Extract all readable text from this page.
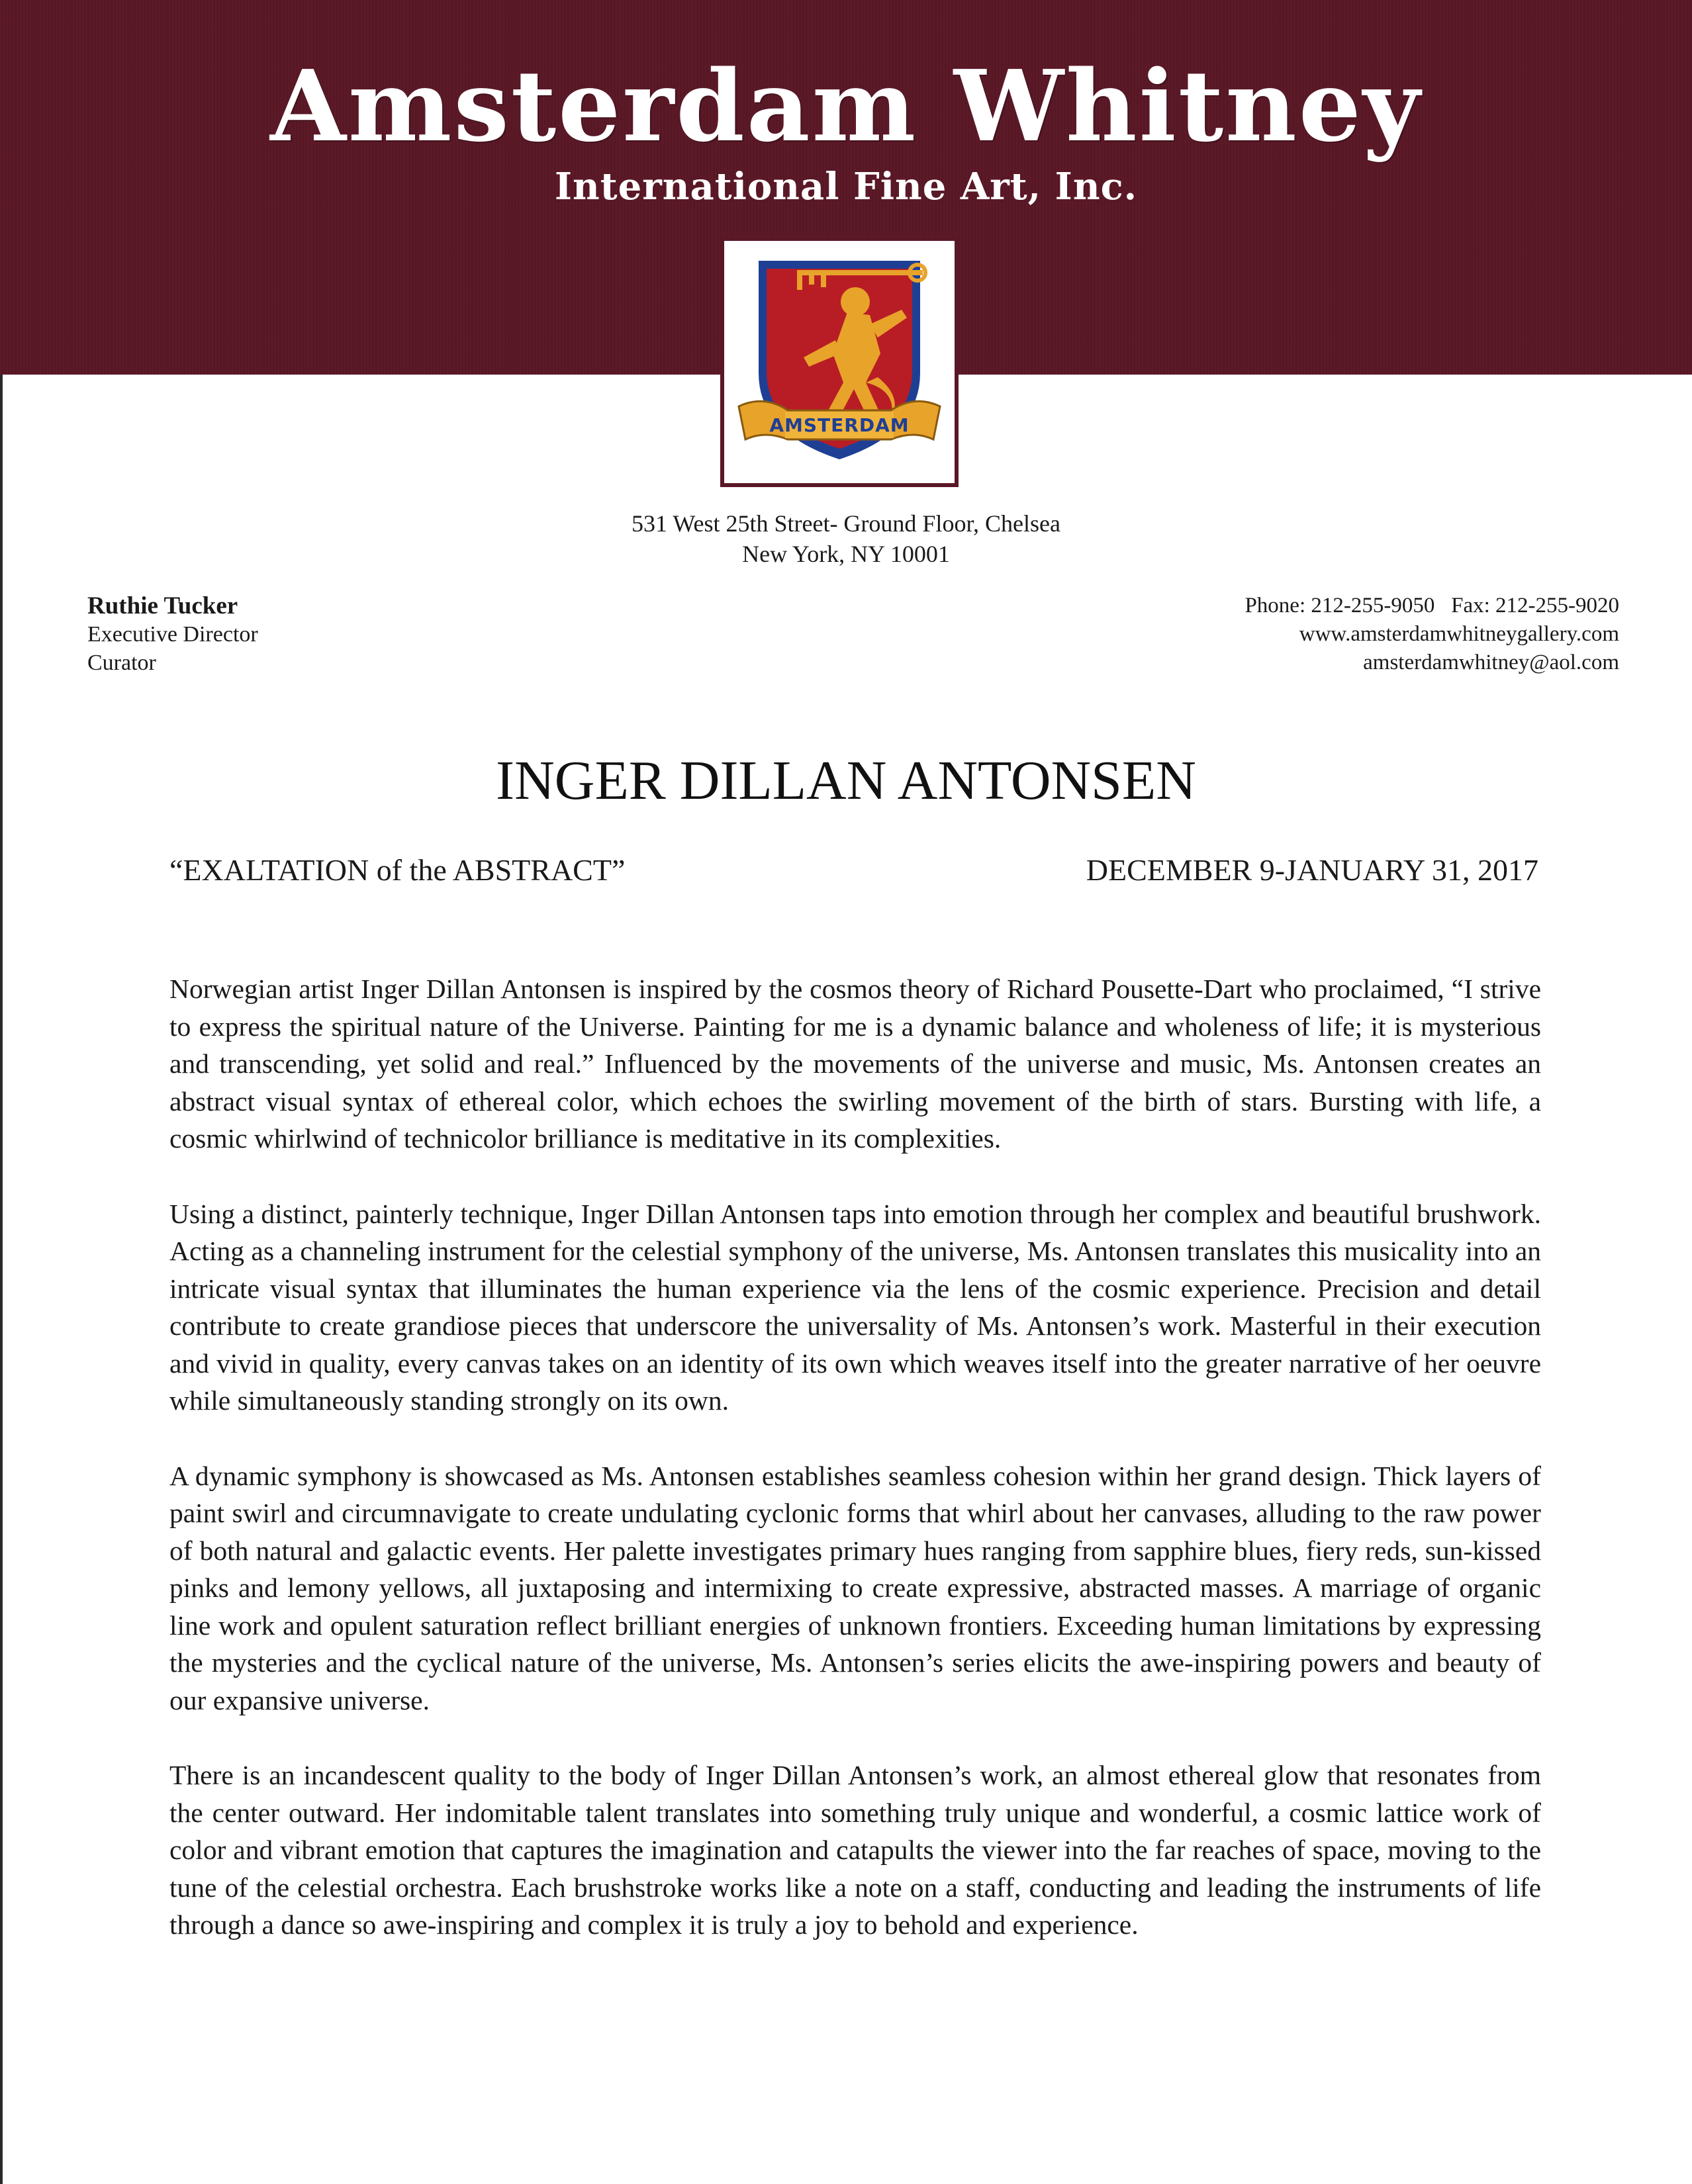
Amsterdam Whitney
International Fine Art, Inc.
AMSTERDAM
531 West 25th Street- Ground Floor, Chelsea
New York, NY 10001
Ruthie Tucker
Executive Director
Curator
Phone: 212-255-9050   Fax: 212-255-9020
www.amsterdamwhitneygallery.com
amsterdamwhitney@aol.com
INGER DILLAN ANTONSEN
“EXALTATION of the ABSTRACT”	DECEMBER 9-JANUARY 31, 2017

Norwegian artist Inger Dillan Antonsen is inspired by the cosmos theory of Richard Pousette-Dart who proclaimed, “I strive to express the spiritual nature of the Universe. Painting for me is a dynamic balance and wholeness of life; it is mysterious and transcending, yet solid and real.” Influenced by the movements of the universe and music, Ms. Antonsen creates an abstract visual syntax of ethereal color, which echoes the swirling movement of the birth of stars. Bursting with life, a cosmic whirlwind of technicolor brilliance is meditative in its complexities.

Using a distinct, painterly technique, Inger Dillan Antonsen taps into emotion through her complex and beautiful brushwork. Acting as a channeling instrument for the celestial symphony of the universe, Ms. Antonsen translates this musicality into an intricate visual syntax that illuminates the human experience via the lens of the cosmic experience. Precision and detail contribute to create grandiose pieces that underscore the universality of Ms. Antonsen’s work. Masterful in their execution and vivid in quality, every canvas takes on an identity of its own which weaves itself into the greater narrative of her oeuvre while simultaneously standing strongly on its own.

A dynamic symphony is showcased as Ms. Antonsen establishes seamless cohesion within her grand design. Thick layers of paint swirl and circumnavigate to create undulating cyclonic forms that whirl about her canvases, alluding to the raw power of both natural and galactic events. Her palette investigates primary hues ranging from sapphire blues, fiery reds, sun-kissed pinks and lemony yellows, all juxtaposing and intermixing to create expressive, abstracted masses. A marriage of organic line work and opulent saturation reflect brilliant energies of unknown frontiers. Exceeding human limitations by expressing the mysteries and the cyclical nature of the universe, Ms. Antonsen’s series elicits the awe-inspiring powers and beauty of our expansive universe.

There is an incandescent quality to the body of Inger Dillan Antonsen’s work, an almost ethereal glow that resonates from the center outward. Her indomitable talent translates into something truly unique and wonderful, a cosmic lattice work of color and vibrant emotion that captures the imagination and catapults the viewer into the far reaches of space, moving to the tune of the celestial orchestra. Each brushstroke works like a note on a staff, conducting and leading the instruments of life through a dance so awe-inspiring and complex it is truly a joy to behold and experience.
